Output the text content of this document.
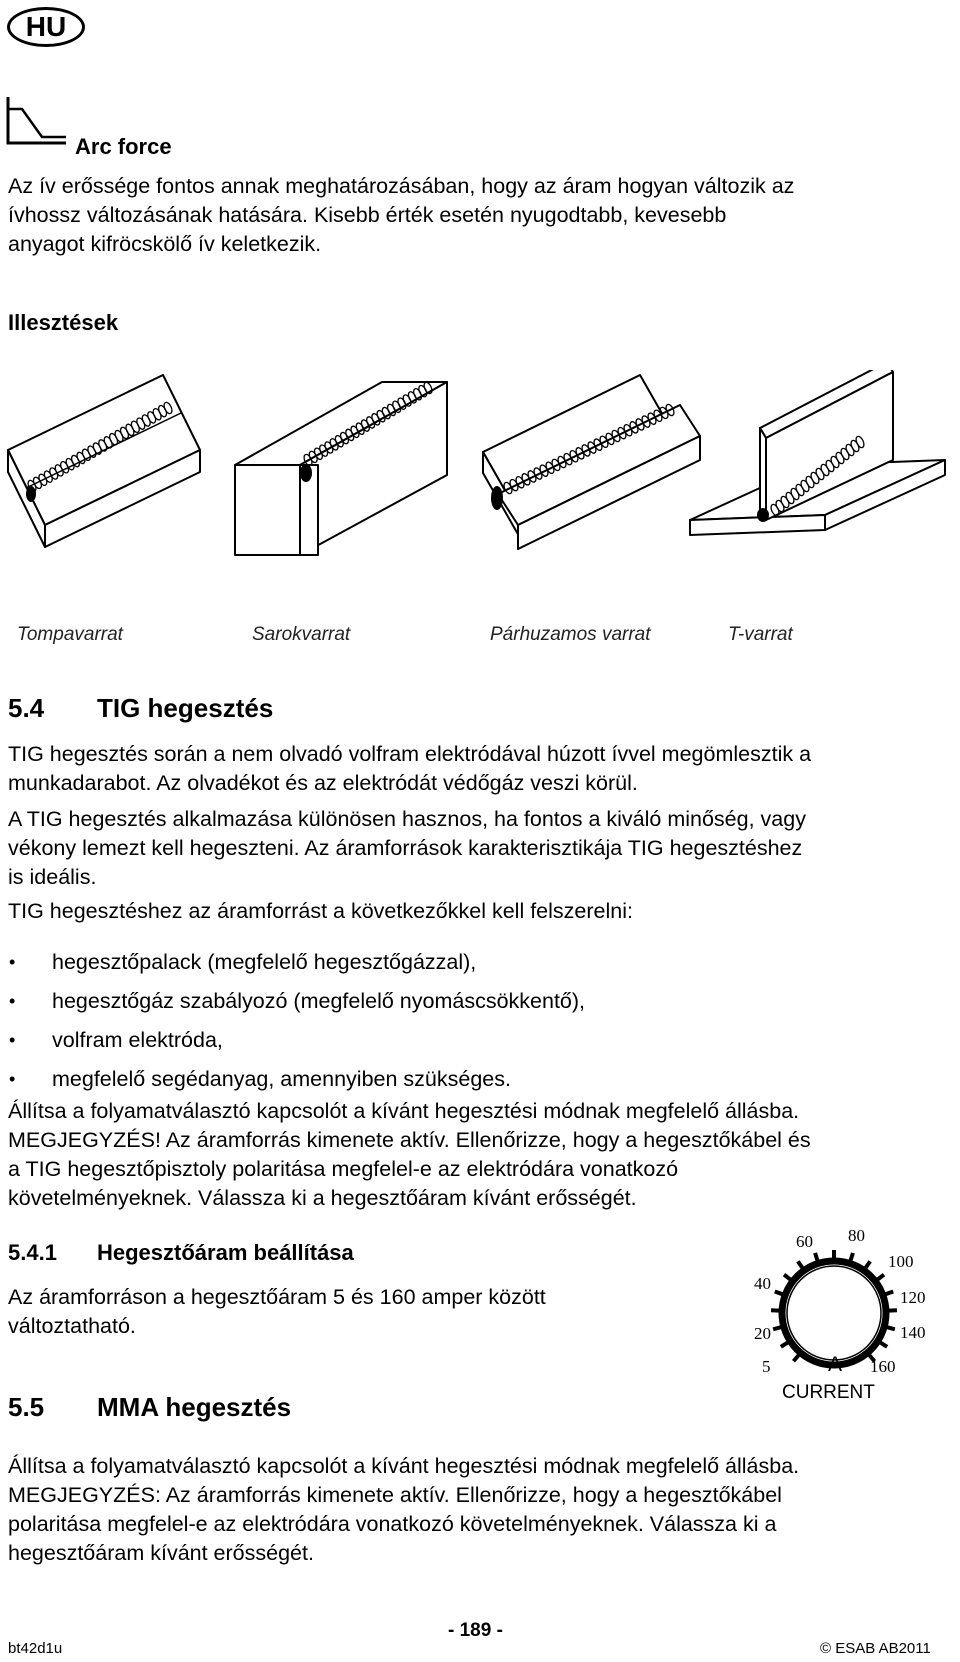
HU
Arc force
Az ív erőssége fontos annak meghatározásában, hogy az áram hogyan változik az
ívhossz változásának hatására. Kisebb érték esetén nyugodtabb, kevesebb
anyagot kifröcskölő ív keletkezik.
Illesztések
Tompavarrat	Sarokvarrat	Párhuzamos varrat	T-varrat
5.4 TIG hegesztés
TIG hegesztés során a nem olvadó volfram elektródával húzott ívvel megömlesztik a
munkadarabot. Az olvadékot és az elektródát védőgáz veszi körül.
A TIG hegesztés alkalmazása különösen hasznos, ha fontos a kiváló minőség, vagy
vékony lemezt kell hegeszteni. Az áramforrások karakterisztikája TIG hegesztéshez
is ideális.
TIG hegesztéshez az áramforrást a következőkkel kell felszerelni:
• hegesztőpalack (megfelelő hegesztőgázzal),
• hegesztőgáz szabályozó (megfelelő nyomáscsökkentő),
• volfram elektróda,
• megfelelő segédanyag, amennyiben szükséges.
Állítsa a folyamatválasztó kapcsolót a kívánt hegesztési módnak megfelelő állásba.
MEGJEGYZÉS! Az áramforrás kimenete aktív. Ellenőrizze, hogy a hegesztőkábel és
a TIG hegesztőpisztoly polaritása megfelel-e az elektródára vonatkozó
követelményeknek. Válassza ki a hegesztőáram kívánt erősségét.
5.4.1 Hegesztőáram beállítása
Az áramforráson a hegesztőáram 5 és 160 amper között
változtatható.
5
20
40
60 80
100
120
140
160
A
CURRENT
5.5 MMA hegesztés
Állítsa a folyamatválasztó kapcsolót a kívánt hegesztési módnak megfelelő állásba.
MEGJEGYZÉS: Az áramforrás kimenete aktív. Ellenőrizze, hogy a hegesztőkábel
polaritása megfelel-e az elektródára vonatkozó követelményeknek. Válassza ki a
hegesztőáram kívánt erősségét.
bt42d1u
- 189 -
© ESAB AB2011
